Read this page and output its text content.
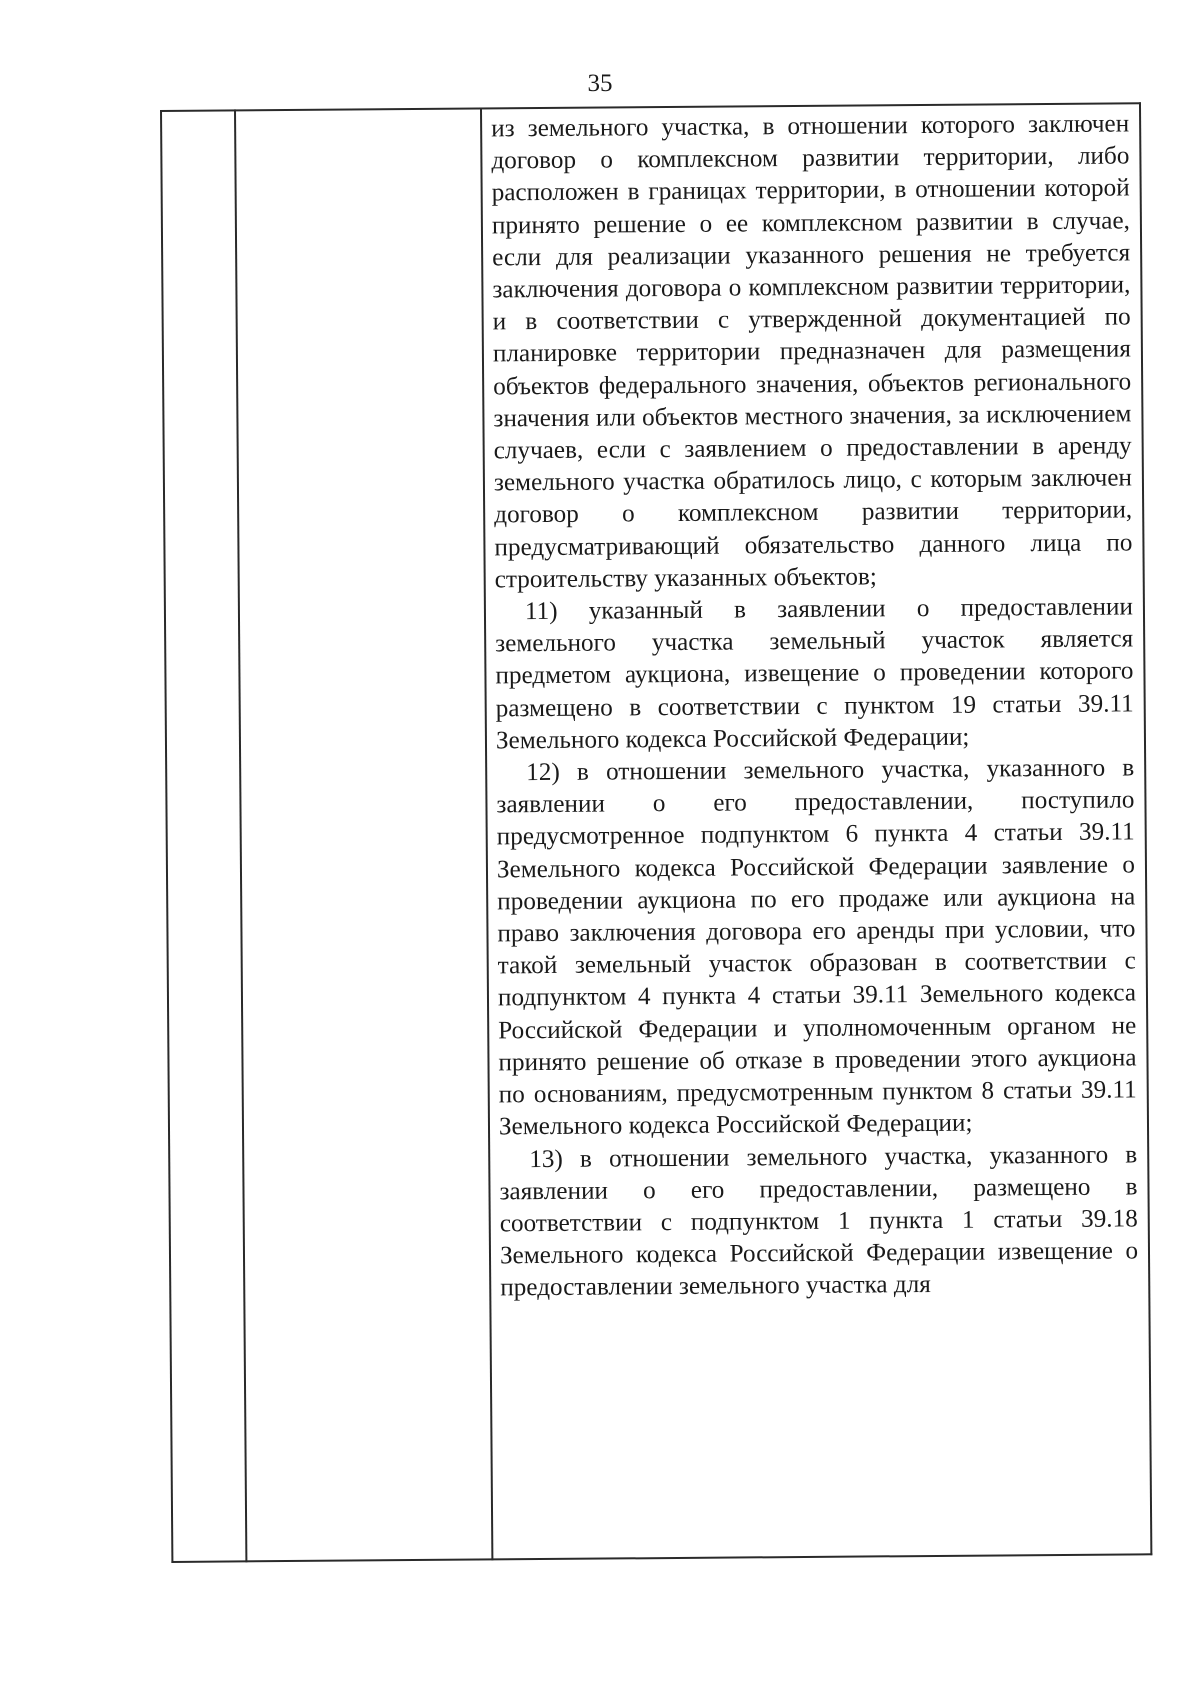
35

из земельного участка, в отношении которого заключен договор о комплексном развитии территории, либо расположен в границах территории, в отношении которой принято решение о ее комплексном развитии в случае, если для реализации указанного решения не требуется заключения договора о комплексном развитии территории, и в соответствии с утвержденной документацией по планировке территории предназначен для размещения объектов федерального значения, объектов регионального значения или объектов местного значения, за исключением случаев, если с заявлением о предоставлении в аренду земельного участка обратилось лицо, с которым заключен договор о комплексном развитии территории, предусматривающий обязательство данного лица по строительству указанных объектов;

11) указанный в заявлении о предоставлении земельного участка земельный участок является предметом аукциона, извещение о проведении которого размещено в соответствии с пунктом 19 статьи 39.11 Земельного кодекса Российской Федерации;

12) в отношении земельного участка, указанного в заявлении о его предоставлении, поступило предусмотренное подпунктом 6 пункта 4 статьи 39.11 Земельного кодекса Российской Федерации заявление о проведении аукциона по его продаже или аукциона на право заключения договора его аренды при условии, что такой земельный участок образован в соответствии с подпунктом 4 пункта 4 статьи 39.11 Земельного кодекса Российской Федерации и уполномоченным органом не принято решение об отказе в проведении этого аукциона по основаниям, предусмотренным пунктом 8 статьи 39.11 Земельного кодекса Российской Федерации;

13) в отношении земельного участка, указанного в заявлении о его предоставлении, размещено в соответствии с подпунктом 1 пункта 1 статьи 39.18 Земельного кодекса Российской Федерации извещение о предоставлении земельного участка для
